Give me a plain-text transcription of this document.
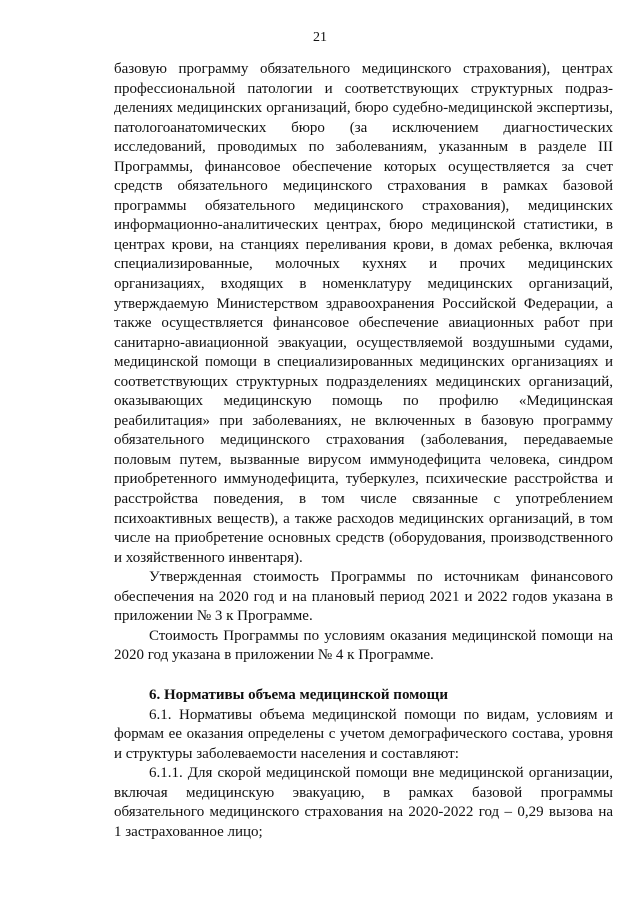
21
базовую программу обязательного медицинского страхования), центрах
профессиональной патологии и соответствующих структурных подраз-
делениях медицинских организаций, бюро судебно-медицинской экспертизы,
патологоанатомических бюро (за исключением диагностических
исследований, проводимых по заболеваниям, указанным в разделе III
Программы, финансовое обеспечение которых осуществляется за счет
средств обязательного медицинского страхования в рамках базовой
программы обязательного медицинского страхования), медицинских
информационно-аналитических центрах, бюро медицинской статистики, в
центрах крови, на станциях переливания крови, в домах ребенка, включая
специализированные, молочных кухнях и прочих медицинских
организациях, входящих в номенклатуру медицинских организаций,
утверждаемую Министерством здравоохранения Российской Федерации, а
также осуществляется финансовое обеспечение авиационных работ при
санитарно-авиационной эвакуации, осуществляемой воздушными судами,
медицинской помощи в специализированных медицинских организациях и
соответствующих структурных подразделениях медицинских организаций,
оказывающих медицинскую помощь по профилю «Медицинская
реабилитация» при заболеваниях, не включенных в базовую программу
обязательного медицинского страхования (заболевания, передаваемые
половым путем, вызванные вирусом иммунодефицита человека, синдром
приобретенного иммунодефицита, туберкулез, психические расстройства и
расстройства поведения, в том числе связанные с употреблением
психоактивных веществ), а также расходов медицинских организаций, в том
числе на приобретение основных средств (оборудования, производственного
и хозяйственного инвентаря).
Утвержденная стоимость Программы по источникам финансового
обеспечения на 2020 год и на плановый период 2021 и 2022 годов указана в
приложении № 3 к Программе.
Стоимость Программы по условиям оказания медицинской помощи на
2020 год указана в приложении № 4 к Программе.
6. Нормативы объема медицинской помощи
6.1. Нормативы объема медицинской помощи по видам, условиям и
формам ее оказания определены с учетом демографического состава, уровня
и структуры заболеваемости населения и составляют:
6.1.1. Для скорой медицинской помощи вне медицинской организации,
включая медицинскую эвакуацию, в рамках базовой программы
обязательного медицинского страхования на 2020-2022 год – 0,29 вызова на
1 застрахованное лицо;
